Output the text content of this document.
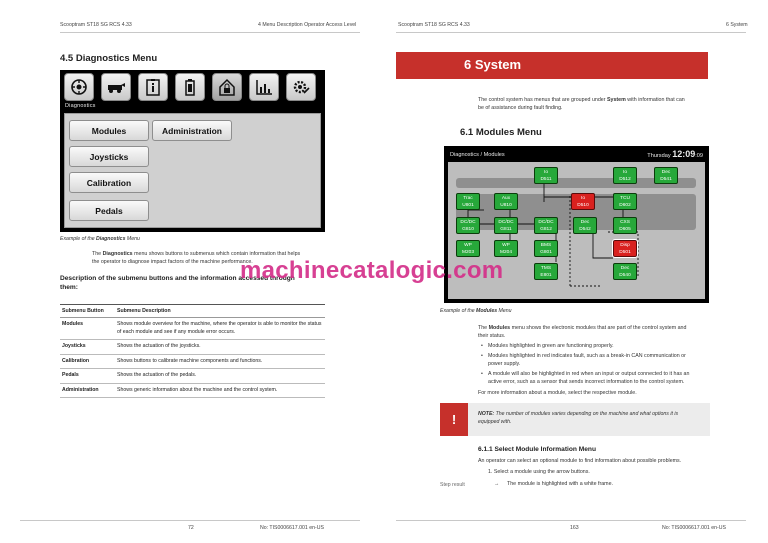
Scooptram ST18 SG RCS 4.33	4 Menu Description Operator Access Level
4.5 Diagnostics Menu
Diagnostics
Modules	Administration
Joysticks
Calibration
Pedals
Example of the Diagnostics Menu
The Diagnostics menu shows buttons to submenus which contain information that helps
the operator to diagnose impact factors of the machine performance.
Description of the submenu buttons and the information accessed through
them:
Submenu Button	Submenu Description
Modules	Shows module overview for the machine, where the operator is able to monitor the status of each module and see if any module error occurs.
Joysticks	Shows the actuation of the joysticks.
Calibration	Shows buttons to calibrate machine components and functions.
Pedals	Shows the actuation of the pedals.
Administration	Shows generic information about the machine and the control system.
72	No: TIS0006617.001 en-US
Scooptram ST18 SG RCS 4.33	6 System
6 System
The control system has menus that are grouped under System with information that can
be of assistance during fault finding.
6.1 Modules Menu
Diagnostics / Modules	Thursday 12:09:09
Io
D511
Io
D512
Dec
D541
Trac
U801
Aux
U810
Io
D510
TCU
D602
DC/DC
G810
DC/DC
G811
DC/DC
G812
Dec
D542
CXS
D605
WP
M203
WP
M204
BMS
G801
Disp
D501
TMS
E801
Dec
D540
Example of the Modules Menu
The Modules menu shows the electronic modules that are part of the control system and
their status.
• Modules highlighted in green are functioning properly.
• Modules highlighted in red indicates fault, such as a break-in CAN communication or
power supply.
• A module will also be highlighted in red when an input or output connected to it has an
active error, such as a sensor that sends incorrect information to the control system.
For more information about a module, select the respective module.
!	NOTE: The number of modules varies depending on the machine and what options it is
equipped with.
6.1.1 Select Module Information Menu
An operator can select an optional module to find information about possible problems.
1. Select a module using the arrow buttons.
Step result	→ The module is highlighted with a white frame.
163	No: TIS0006617.001 en-US
machinecatalogic.com
